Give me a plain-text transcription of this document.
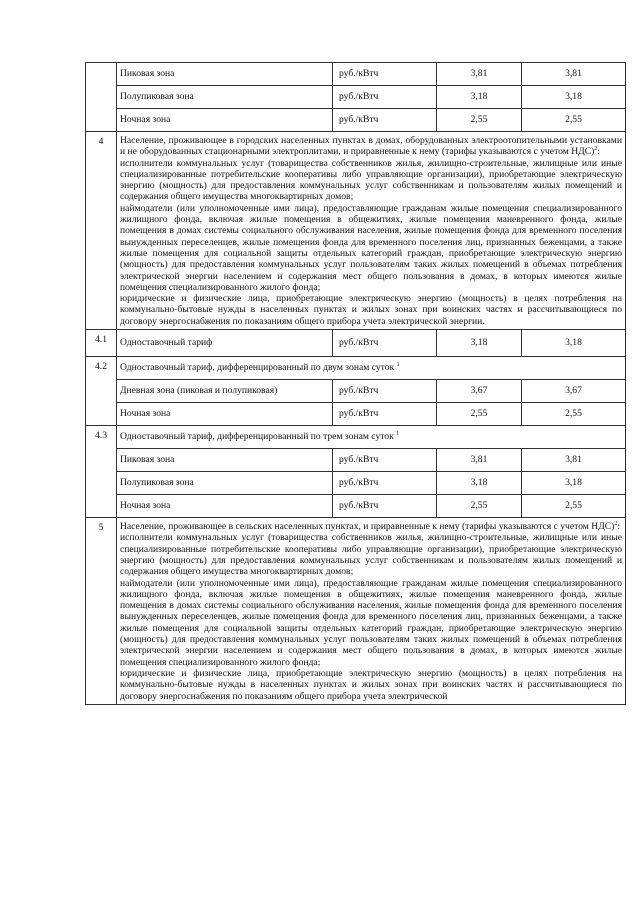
	Пиковая зона	руб./кВтч	3,81	3,81
	Полупиковая зона	руб./кВтч	3,18	3,18
	Ночная зона	руб./кВтч	2,55	2,55
4	Население, проживающее в городских населенных пунктах в домах, оборудованных электроотопительными установками и не оборудованных стационарными электроплитами, и приравненные к нему (тарифы указываются с учетом НДС)$^2$:

исполнители коммунальных услуг (товарищества собственников жилья, жилищно-строительные, жилищные или иные специализированные потребительские кооперативы либо управляющие организации), приобретающие электрическую энергию (мощность) для предоставления коммунальных услуг собственникам и пользователям жилых помещений и содержания общего имущества многоквартирных домов;

наймодатели (или уполномоченные ими лица), предоставляющие гражданам жилые помещения специализированного жилищного фонда, включая жилые помещения в общежитиях, жилые помещения маневренного фонда, жилые помещения в домах системы социального обслуживания населения, жилые помещения фонда для временного поселения вынужденных переселенцев, жилые помещения фонда для временного поселения лиц, признанных беженцами, а также жилые помещения для социальной защиты отдельных категорий граждан, приобретающие электрическую энергию (мощность) для предоставления коммунальных услуг пользователям таких жилых помещений в объемах потребления электрической энергии населением и содержания мест общего пользования в домах, в которых имеются жилые помещения специализированного жилого фонда;

юридические и физические лица, приобретающие электрическую энергию (мощность) в целях потребления на коммунально-бытовые нужды в населенных пунктах и жилых зонах при воинских частях и рассчитывающиеся по договору энергоснабжения по показаниям общего прибора учета электрической энергии.			

4.1	Одноставочный тариф	руб./кВтч	3,18	3,18
4.2	Одноставочный тариф, дифференцированный по двум зонам суток $^1$
	Дневная зона (пиковая и полупиковая)	руб./кВтч	3,67	3,67
	Ночная зона	руб./кВтч	2,55	2,55
4.3	Одноставочный тариф, дифференцированный по трем зонам суток $^1$
	Пиковая зона	руб./кВтч	3,81	3,81
	Полупиковая зона	руб./кВтч	3,18	3,18
	Ночная зона	руб./кВтч	2,55	2,55
5	Население, проживающее в сельских населенных пунктах, и приравненные к нему (тарифы указываются с учетом НДС)$^2$:

исполнители коммунальных услуг (товарищества собственников жилья, жилищно-строительные, жилищные или иные специализированные потребительские кооперативы либо управляющие организации), приобретающие электрическую энергию (мощность) для предоставления коммунальных услуг собственникам и пользователям жилых помещений и содержания общего имущества многоквартирных домов;

наймодатели (или уполномоченные ими лица), предоставляющие гражданам жилые помещения специализированного жилищного фонда, включая жилые помещения в общежитиях, жилые помещения маневренного фонда, жилые помещения в домах системы социального обслуживания населения, жилые помещения фонда для временного поселения вынужденных переселенцев, жилые помещения фонда для временного поселения лиц, признанных беженцами, а также жилые помещения для социальной защиты отдельных категорий граждан, приобретающие электрическую энергию (мощность) для предоставления коммунальных услуг пользователям таких жилых помещений в объемах потребления электрической энергии населением и содержания мест общего пользования в домах, в которых имеются жилые помещения специализированного жилого фонда;

юридические и физические лица, приобретающие электрическую энергию (мощность) в целях потребления на коммунально-бытовые нужды в населенных пунктах и жилых зонах при воинских частях и рассчитывающиеся по договору энергоснабжения по показаниям общего прибора учета электрической			
